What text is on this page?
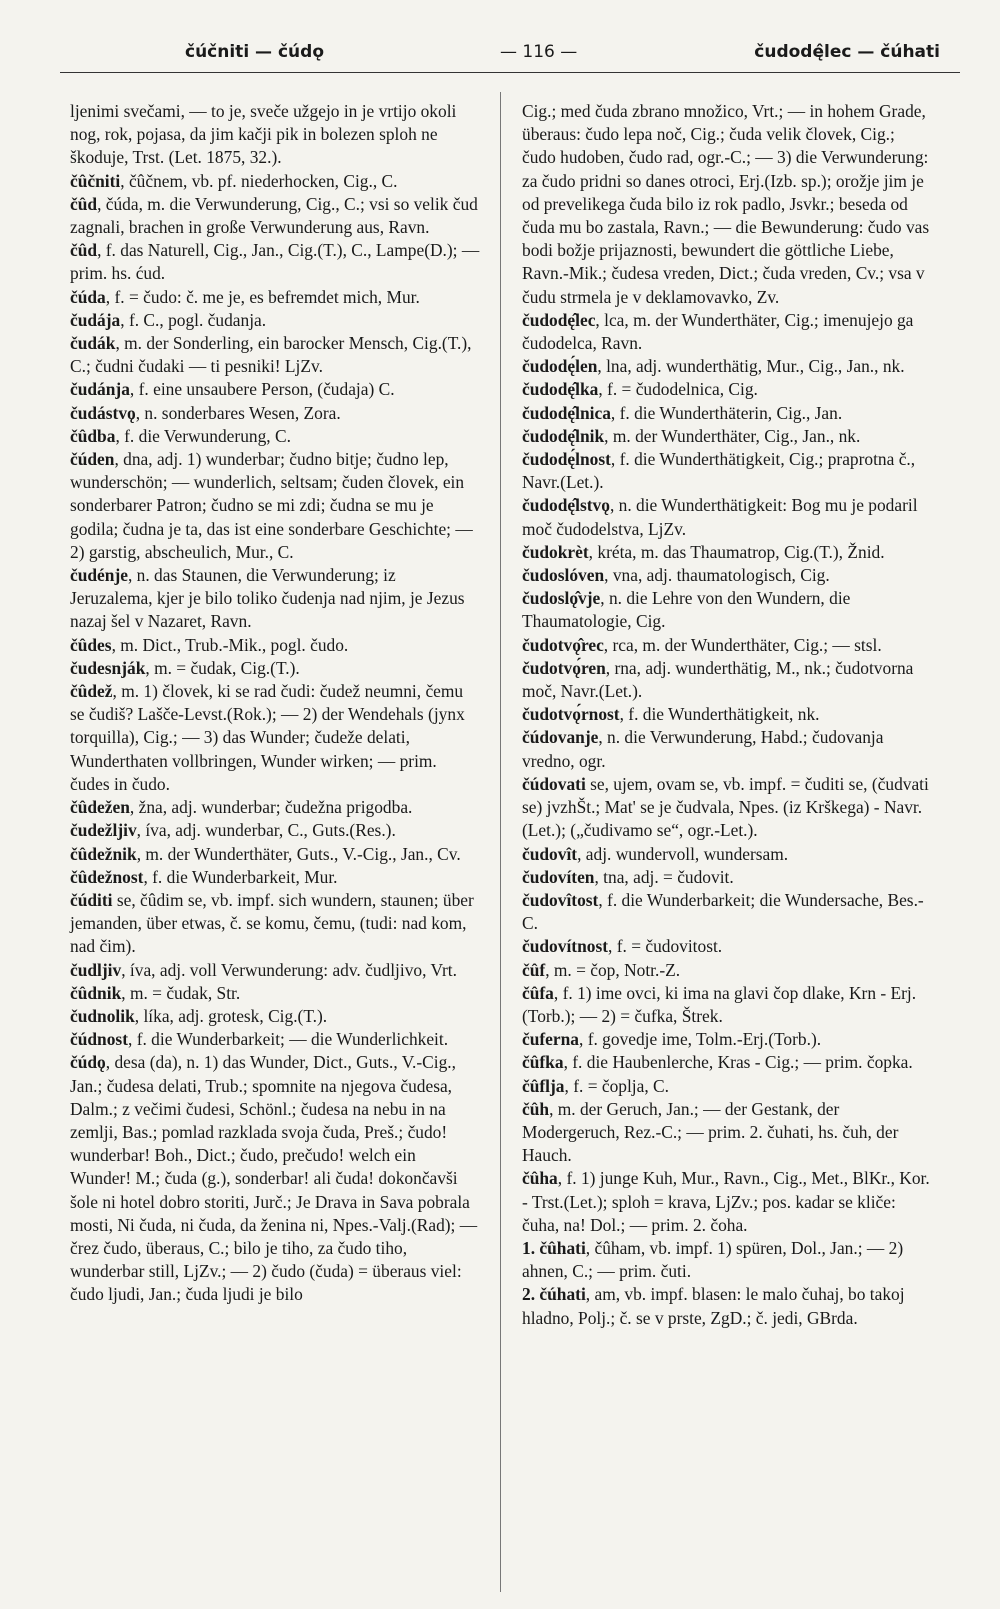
čúčniti — čúdǫ	— 116 —	čudodę̂lec — čúhati

ljenimi svečami, — to je, sveče užgejo in je vrtijo okoli nog, rok, pojasa, da jim kačji pik in bolezen sploh ne škoduje, Trst. (Let. 1875, 32.).

čûčniti, čûčnem, vb. pf. niederhocken, Cig., C.

čûd, čúda, m. die Verwunderung, Cig., C.; vsi so velik čud zagnali, brachen in große Verwunderung aus, Ravn.

čûd, f. das Naturell, Cig., Jan., Cig.(T.), C., Lampe(D.); — prim. hs. ćud.

čúda, f. = čudo: č. me je, es befremdet mich, Mur.

čudája, f. C., pogl. čudanja.

čudák, m. der Sonderling, ein barocker Mensch, Cig.(T.), C.; čudni čudaki — ti pesniki! LjZv.

čudánja, f. eine unsaubere Person, (čudaja) C.

čudástvǫ, n. sonderbares Wesen, Zora.

čûdba, f. die Verwunderung, C.

čúden, dna, adj. 1) wunderbar; čudno bitje; čudno lep, wunderschön; — wunderlich, seltsam; čuden človek, ein sonderbarer Patron; čudno se mi zdi; čudna se mu je godila; čudna je ta, das ist eine sonderbare Geschichte; — 2) garstig, abscheulich, Mur., C.

čudénje, n. das Staunen, die Verwunderung; iz Jeruzalema, kjer je bilo toliko čudenja nad njim, je Jezus nazaj šel v Nazaret, Ravn.

čûdes, m. Dict., Trub.-Mik., pogl. čudo.

čudesnják, m. = čudak, Cig.(T.).

čûdež, m. 1) človek, ki se rad čudi: čudež neumni, čemu se čudiš? Lašče-Levst.(Rok.); — 2) der Wendehals (jynx torquilla), Cig.; — 3) das Wunder; čudeže delati, Wunderthaten vollbringen, Wunder wirken; — prim. čudes in čudo.

čûdežen, žna, adj. wunderbar; čudežna prigodba.

čudežljiv, íva, adj. wunderbar, C., Guts.(Res.).

čûdežnik, m. der Wunderthäter, Guts., V.-Cig., Jan., Cv.

čûdežnost, f. die Wunderbarkeit, Mur.

čúditi se, čûdim se, vb. impf. sich wundern, staunen; über jemanden, über etwas, č. se komu, čemu, (tudi: nad kom, nad čim).

čudljiv, íva, adj. voll Verwunderung: adv. čudljivo, Vrt.

čûdnik, m. = čudak, Str.

čudnolik, líka, adj. grotesk, Cig.(T.).

čúdnost, f. die Wunderbarkeit; — die Wunderlichkeit.

čúdǫ, desa (da), n. 1) das Wunder, Dict., Guts., V.-Cig., Jan.; čudesa delati, Trub.; spomnite na njegova čudesa, Dalm.; z večimi čudesi, Schönl.; čudesa na nebu in na zemlji, Bas.; pomlad razklada svoja čuda, Preš.; čudo! wunderbar! Boh., Dict.; čudo, prečudo! welch ein Wunder! M.; čuda (g.), sonderbar! ali čuda! dokončavši šole ni hotel dobro storiti, Jurč.; Je Drava in Sava pobrala mosti, Ni čuda, ni čuda, da ženina ni, Npes.-Valj.(Rad); — črez čudo, überaus, C.; bilo je tiho, za čudo tiho, wunderbar still, LjZv.; — 2) čudo (čuda) = überaus viel: čudo ljudi, Jan.; čuda ljudi je bilo

Cig.; med čuda zbrano množico, Vrt.; — in hohem Grade, überaus: čudo lepa noč, Cig.; čuda velik človek, Cig.; čudo hudoben, čudo rad, ogr.-C.; — 3) die Verwunderung: za čudo pridni so danes otroci, Erj.(Izb. sp.); orožje jim je od prevelikega čuda bilo iz rok padlo, Jsvkr.; beseda od čuda mu bo zastala, Ravn.; — die Bewunderung: čudo vas bodi božje prijaznosti, bewundert die göttliche Liebe, Ravn.-Mik.; čudesa vreden, Dict.; čuda vreden, Cv.; vsa v čudu strmela je v deklamovavko, Zv.

čudodę̂lec, lca, m. der Wunderthäter, Cig.; imenujejo ga čudodelca, Ravn.

čudodę́len, lna, adj. wunderthätig, Mur., Cig., Jan., nk.

čudodę̂lka, f. = čudodelnica, Cig.

čudodę̂lnica, f. die Wunderthäterin, Cig., Jan.

čudodę̂lnik, m. der Wunderthäter, Cig., Jan., nk.

čudodę́lnost, f. die Wunderthätigkeit, Cig.; praprotna č., Navr.(Let.).

čudodę̂lstvǫ, n. die Wunderthätigkeit: Bog mu je podaril moč čudodelstva, LjZv.

čudokrèt, kréta, m. das Thaumatrop, Cig.(T.), Žnid.

čudoslóven, vna, adj. thaumatologisch, Cig.

čudoslǫ̂vje, n. die Lehre von den Wundern, die Thaumatologie, Cig.

čudotvǫ̂rec, rca, m. der Wunderthäter, Cig.; — stsl.

čudotvǫ́ren, rna, adj. wunderthätig, M., nk.; čudotvorna moč, Navr.(Let.).

čudotvǫ́rnost, f. die Wunderthätigkeit, nk.

čúdovanje, n. die Verwunderung, Habd.; čudovanja vredno, ogr.

čúdovati se, ujem, ovam se, vb. impf. = čuditi se, (čudvati se) jvzhŠt.; Mat' se je čudvala, Npes. (iz Krškega) - Navr.(Let.); („čudivamo se“, ogr.-Let.).

čudovît, adj. wundervoll, wundersam.

čudovíten, tna, adj. = čudovit.

čudovîtost, f. die Wunderbarkeit; die Wundersache, Bes.-C.

čudovítnost, f. = čudovitost.

čûf, m. = čop, Notr.-Z.

čûfa, f. 1) ime ovci, ki ima na glavi čop dlake, Krn - Erj.(Torb.); — 2) = čufka, Štrek.

čuferna, f. govedje ime, Tolm.-Erj.(Torb.).

čûfka, f. die Haubenlerche, Kras - Cig.; — prim. čopka.

čûflja, f. = čoplja, C.

čûh, m. der Geruch, Jan.; — der Gestank, der Modergeruch, Rez.-C.; — prim. 2. čuhati, hs. čuh, der Hauch.

čûha, f. 1) junge Kuh, Mur., Ravn., Cig., Met., BlKr., Kor. - Trst.(Let.); sploh = krava, LjZv.; pos. kadar se kliče: čuha, na! Dol.; — prim. 2. čoha.

1. čûhati, čûham, vb. impf. 1) spüren, Dol., Jan.; — 2) ahnen, C.; — prim. čuti.

2. čúhati, am, vb. impf. blasen: le malo čuhaj, bo takoj hladno, Polj.; č. se v prste, ZgD.; č. jedi, GBrda.
